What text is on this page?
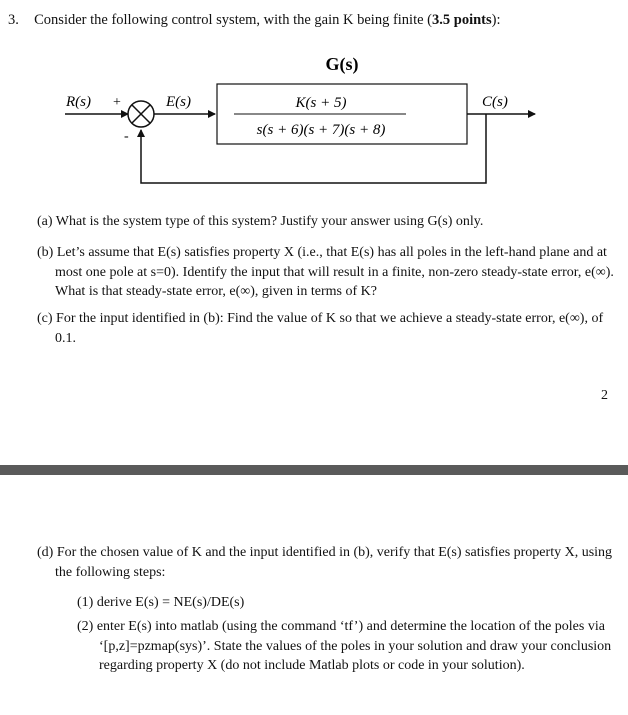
3. Consider the following control system, with the gain K being finite (3.5 points):
G(s)
R(s) +
-
E(s)	K(s + 5)
s(s + 6)(s + 7)(s + 8)
C(s)
(a) What is the system type of this system? Justify your answer using G(s) only.
(b) Let’s assume that E(s) satisfies property X (i.e., that E(s) has all poles in the left-hand plane and at most one pole at s=0). Identify the input that will result in a finite, non-zero steady-state error, e(∞). What is that steady-state error, e(∞), given in terms of K?
(c) For the input identified in (b): Find the value of K so that we achieve a steady-state error, e(∞), of 0.1.
2
(d) For the chosen value of K and the input identified in (b), verify that E(s) satisfies property X, using the following steps:
(1) derive E(s) = NE(s)/DE(s)
(2) enter E(s) into matlab (using the command ‘tf’) and determine the location of the poles via ‘[p,z]=pzmap(sys)’. State the values of the poles in your solution and draw your conclusion regarding property X (do not include Matlab plots or code in your solution).
